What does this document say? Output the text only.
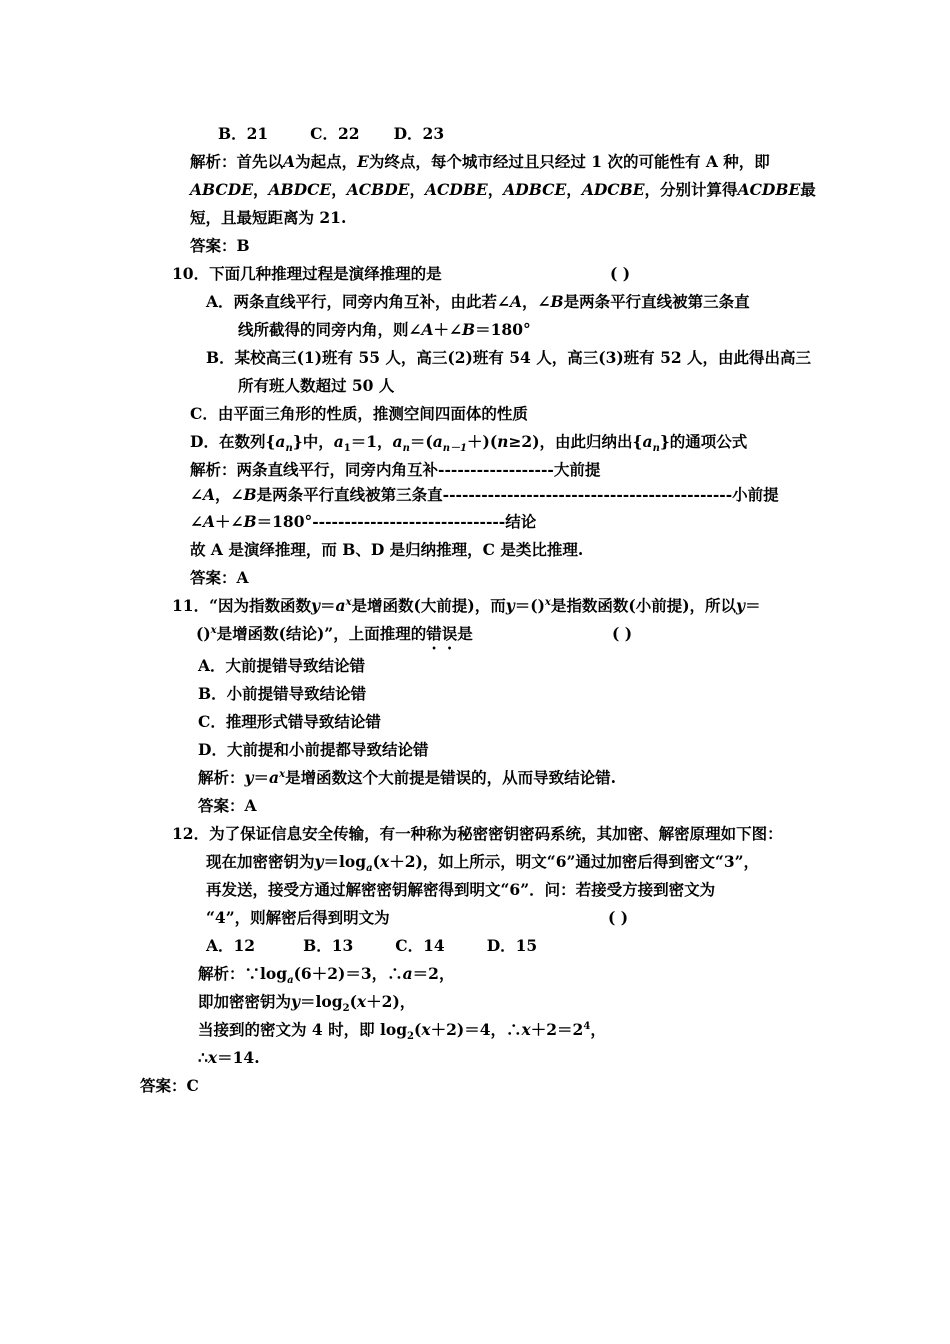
B．21	C．22 D．23
解析：首先以A为起点，E为终点，每个城市经过且只经过 1 次的可能性有 A 种，即
ABCDE，ABDCE，ACBDE，ACDBE，ADBCE，ADCBE，分别计算得ACDBE最
短，且最短距离为 21.
答案：B
10．下面几种推理过程是演绎推理的是	( )
A．两条直线平行，同旁内角互补，由此若∠A，∠B是两条平行直线被第三条直
线所截得的同旁内角，则∠A＋∠B＝180°
B．某校高三(1)班有 55 人，高三(2)班有 54 人，高三(3)班有 52 人，由此得出高三
所有班人数超过 50 人
C．由平面三角形的性质，推测空间四面体的性质
D．在数列$\{a_n\}$中，$a_1=1$，$a_n=(a_{n-1}+)(n\ge 2)$，由此归纳出$\{a_n\}$的通项公式
解析：两条直线平行，同旁内角互补------------------大前提
∠A，∠B是两条平行直线被第三条直---------------------------------------------小前提
∠A＋∠B＝180°------------------------------结论
故 A 是演绎推理，而 B、D 是归纳推理，C 是类比推理.
答案：A
11．“因为指数函数$y=a^x$是增函数(大前提)，而y＝()$^x$是指数函数(小前提)，所以y＝
()$^x$是增函数(结论)”，上面推理的错误是	( )
A．大前提错导致结论错
B．小前提错导致结论错
C．推理形式错导致结论错
D．大前提和小前提都导致结论错
解析：$y=a^x$是增函数这个大前提是错误的，从而导致结论错.
答案：A
12．为了保证信息安全传输，有一种称为秘密密钥密码系统，其加密、解密原理如下图：
现在加密密钥为$y=\log_a(x+2)$，如上所示，明文“6”通过加密后得到密文“3”，
再发送，接受方通过解密密钥解密得到明文“6”．问：若接受方接到密文为
“4”，则解密后得到明文为	( )
A．12	B．13	C．14	D．15
解析：$\because\log_a(6+2)=3$，∴a＝2，
即加密密钥为$y=\log_2(x+2)$，
当接到的密文为 4 时，即 $\log_2(x+2)=4$，$\therefore x+2=2^4$，
∴x＝14.
答案：C
